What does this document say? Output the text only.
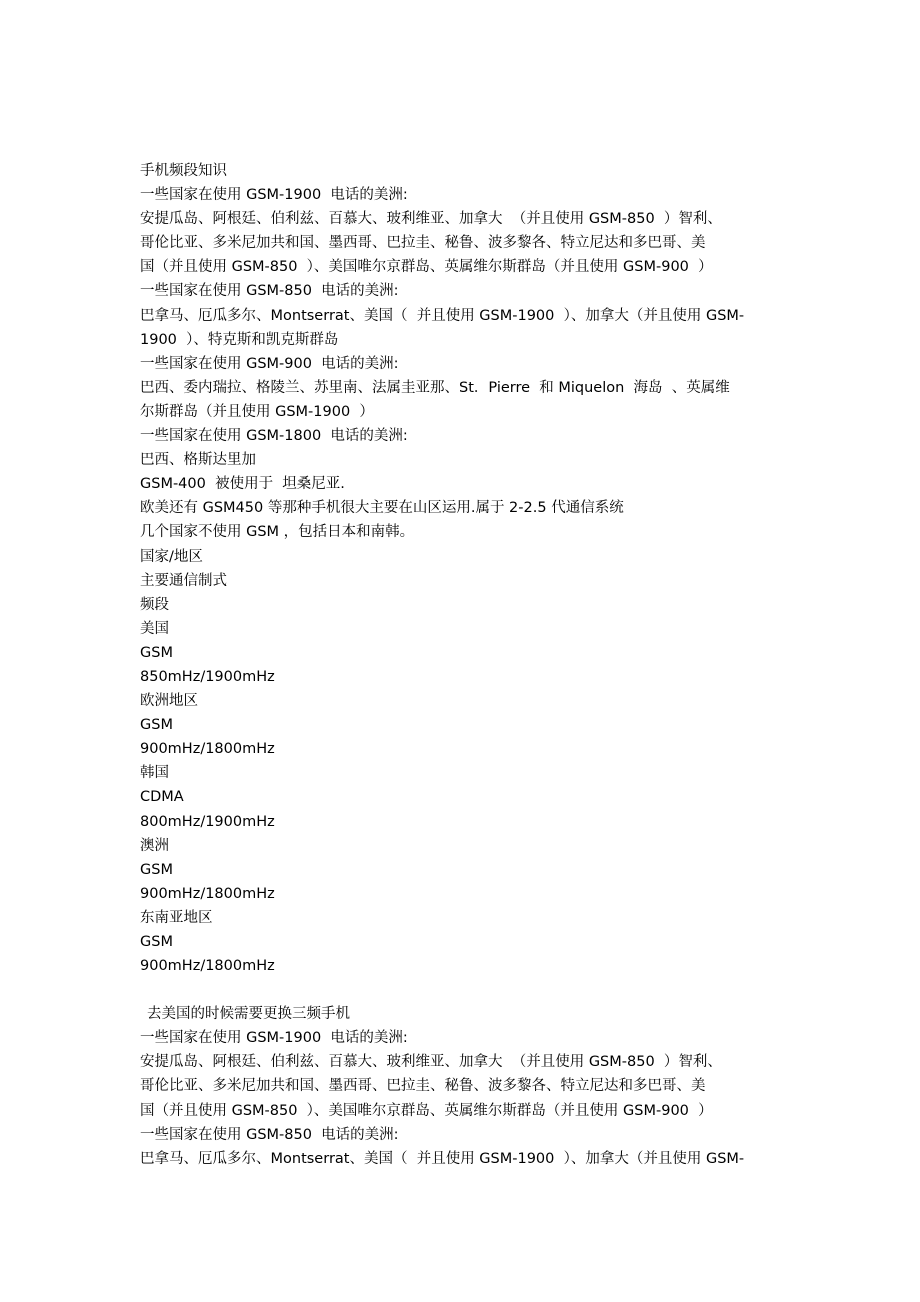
手机频段知识
一些国家在使用 GSM-1900  电话的美洲:
安提瓜岛、阿根廷、伯利兹、百慕大、玻利维亚、加拿大  （并且使用 GSM-850  ）智利、
哥伦比亚、多米尼加共和国、墨西哥、巴拉圭、秘鲁、波多黎各、特立尼达和多巴哥、美
国（并且使用 GSM-850  ）、美国唯尔京群岛、英属维尔斯群岛（并且使用 GSM-900  ）
一些国家在使用 GSM-850  电话的美洲:
巴拿马、厄瓜多尔、Montserrat、美国（  并且使用 GSM-1900  ）、加拿大（并且使用 GSM-
1900  ）、特克斯和凯克斯群岛
一些国家在使用 GSM-900  电话的美洲:
巴西、委内瑞拉、格陵兰、苏里南、法属圭亚那、St．Pierre  和 Miquelon  海岛  、英属维
尔斯群岛（并且使用 GSM-1900  ）
一些国家在使用 GSM-1800  电话的美洲:
巴西、格斯达里加
GSM-400  被使用于  坦桑尼亚.
欧美还有 GSM450 等那种手机很大主要在山区运用.属于 2-2.5 代通信系统
几个国家不使用 GSM ，包括日本和南韩。
国家/地区
主要通信制式
频段
美国
GSM
850mHz/1900mHz
欧洲地区
GSM
900mHz/1800mHz
韩国
CDMA
800mHz/1900mHz
澳洲
GSM
900mHz/1800mHz
东南亚地区
GSM
900mHz/1800mHz
去美国的时候需要更换三频手机
一些国家在使用 GSM-1900  电话的美洲:
安提瓜岛、阿根廷、伯利兹、百慕大、玻利维亚、加拿大  （并且使用 GSM-850  ）智利、
哥伦比亚、多米尼加共和国、墨西哥、巴拉圭、秘鲁、波多黎各、特立尼达和多巴哥、美
国（并且使用 GSM-850  ）、美国唯尔京群岛、英属维尔斯群岛（并且使用 GSM-900  ）
一些国家在使用 GSM-850  电话的美洲:
巴拿马、厄瓜多尔、Montserrat、美国（  并且使用 GSM-1900  ）、加拿大（并且使用 GSM-
